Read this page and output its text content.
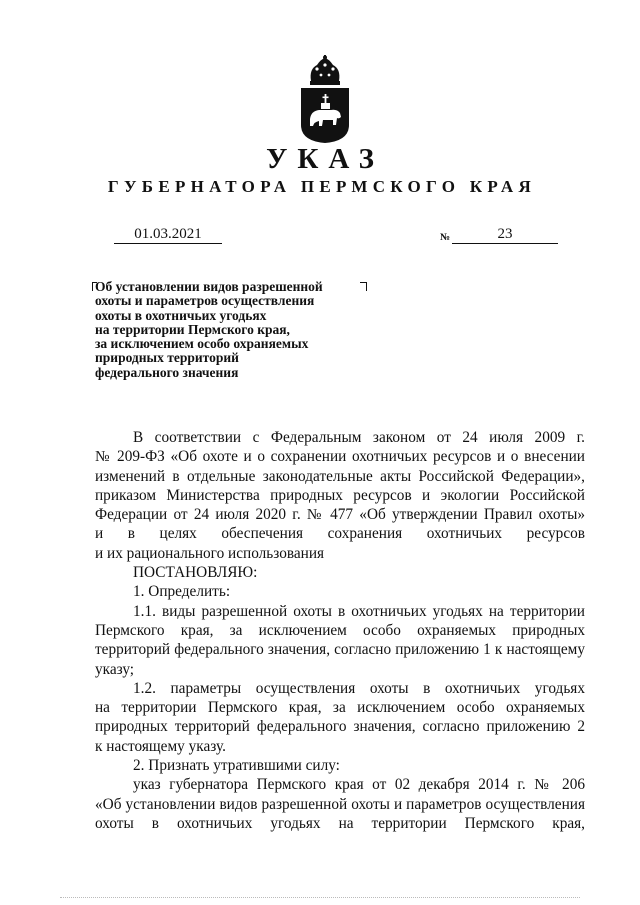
УКАЗ
ГУБЕРНАТОРА ПЕРМСКОГО КРАЯ
01.03.2021	№	23
Об установлении видов разрешенной
охоты и параметров осуществления
охоты в охотничьих угодьях
на территории Пермского края,
за исключением особо охраняемых
природных территорий
федерального значения

В соответствии с Федеральным законом от 24 июля 2009 г.

№ 209-ФЗ «Об охоте и о сохранении охотничьих ресурсов и о внесении

изменений в отдельные законодательные акты Российской Федерации»,

приказом Министерства природных ресурсов и экологии Российской

Федерации от 24 июля 2020 г. № 477 «Об утверждении Правил охоты»

и в целях обеспечения сохранения охотничьих ресурсов

и их рационального использования

ПОСТАНОВЛЯЮ:

1. Определить:

1.1. виды разрешенной охоты в охотничьих угодьях на территории

Пермского края, за исключением особо охраняемых природных

территорий федерального значения, согласно приложению 1 к настоящему

указу;

1.2. параметры осуществления охоты в охотничьих угодьях

на территории Пермского края, за исключением особо охраняемых

природных территорий федерального значения, согласно приложению 2

к настоящему указу.

2. Признать утратившими силу:

указ губернатора Пермского края от 02 декабря 2014 г. № 206

«Об установлении видов разрешенной охоты и параметров осуществления

охоты в охотничьих угодьях на территории Пермского края,
